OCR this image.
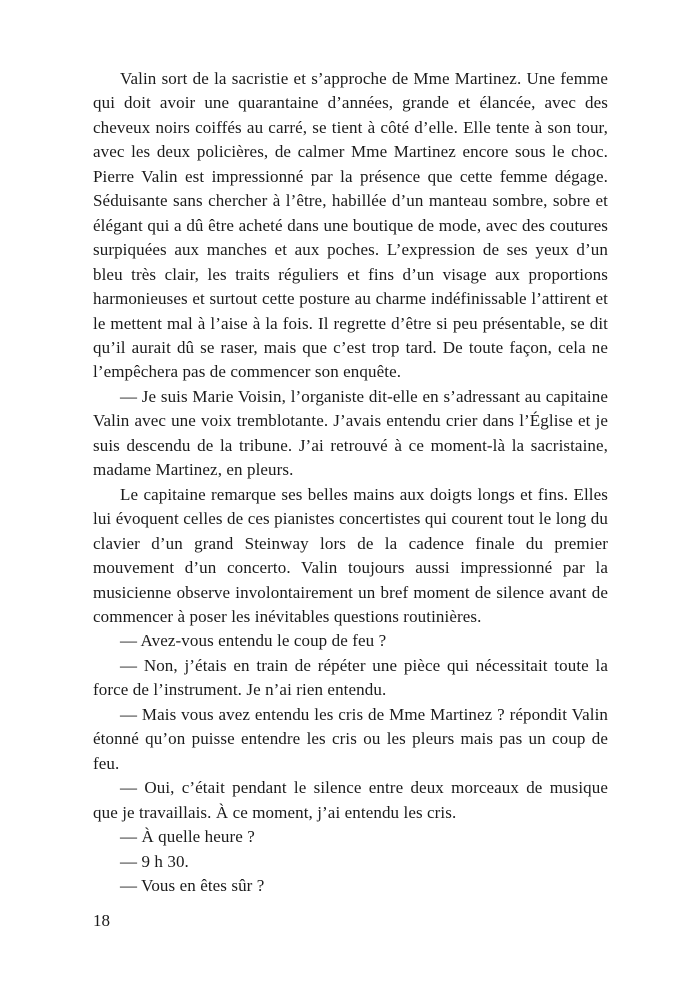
Valin sort de la sacristie et s’approche de Mme Martinez. Une femme qui doit avoir une quarantaine d’années, grande et élancée, avec des cheveux noirs coiffés au carré, se tient à côté d’elle. Elle tente à son tour, avec les deux policières, de calmer Mme Martinez encore sous le choc. Pierre Valin est impressionné par la présence que cette femme dégage. Séduisante sans chercher à l’être, habillée d’un manteau sombre, sobre et élégant qui a dû être acheté dans une boutique de mode, avec des coutures surpiquées aux manches et aux poches. L’expression de ses yeux d’un bleu très clair, les traits réguliers et fins d’un visage aux proportions harmonieuses et surtout cette posture au charme indéfinissable l’attirent et le mettent mal à l’aise à la fois. Il regrette d’être si peu présentable, se dit qu’il aurait dû se raser, mais que c’est trop tard. De toute façon, cela ne l’empêchera pas de commencer son enquête.

— Je suis Marie Voisin, l’organiste dit-elle en s’adressant au capitaine Valin avec une voix tremblotante. J’avais entendu crier dans l’Église et je suis descendu de la tribune. J’ai retrouvé à ce moment-là la sacristaine, madame Martinez, en pleurs.

Le capitaine remarque ses belles mains aux doigts longs et fins. Elles lui évoquent celles de ces pianistes concertistes qui courent tout le long du clavier d’un grand Steinway lors de la cadence finale du premier mouvement d’un concerto. Valin toujours aussi impressionné par la musicienne observe involontairement un bref moment de silence avant de commencer à poser les inévitables questions routinières.

— Avez-vous entendu le coup de feu ?

— Non, j’étais en train de répéter une pièce qui nécessitait toute la force de l’instrument. Je n’ai rien entendu.

— Mais vous avez entendu les cris de Mme Martinez ? répondit Valin étonné qu’on puisse entendre les cris ou les pleurs mais pas un coup de feu.

— Oui, c’était pendant le silence entre deux morceaux de musique que je travaillais. À ce moment, j’ai entendu les cris.

— À quelle heure ?

— 9 h 30.

— Vous en êtes sûr ?

18
